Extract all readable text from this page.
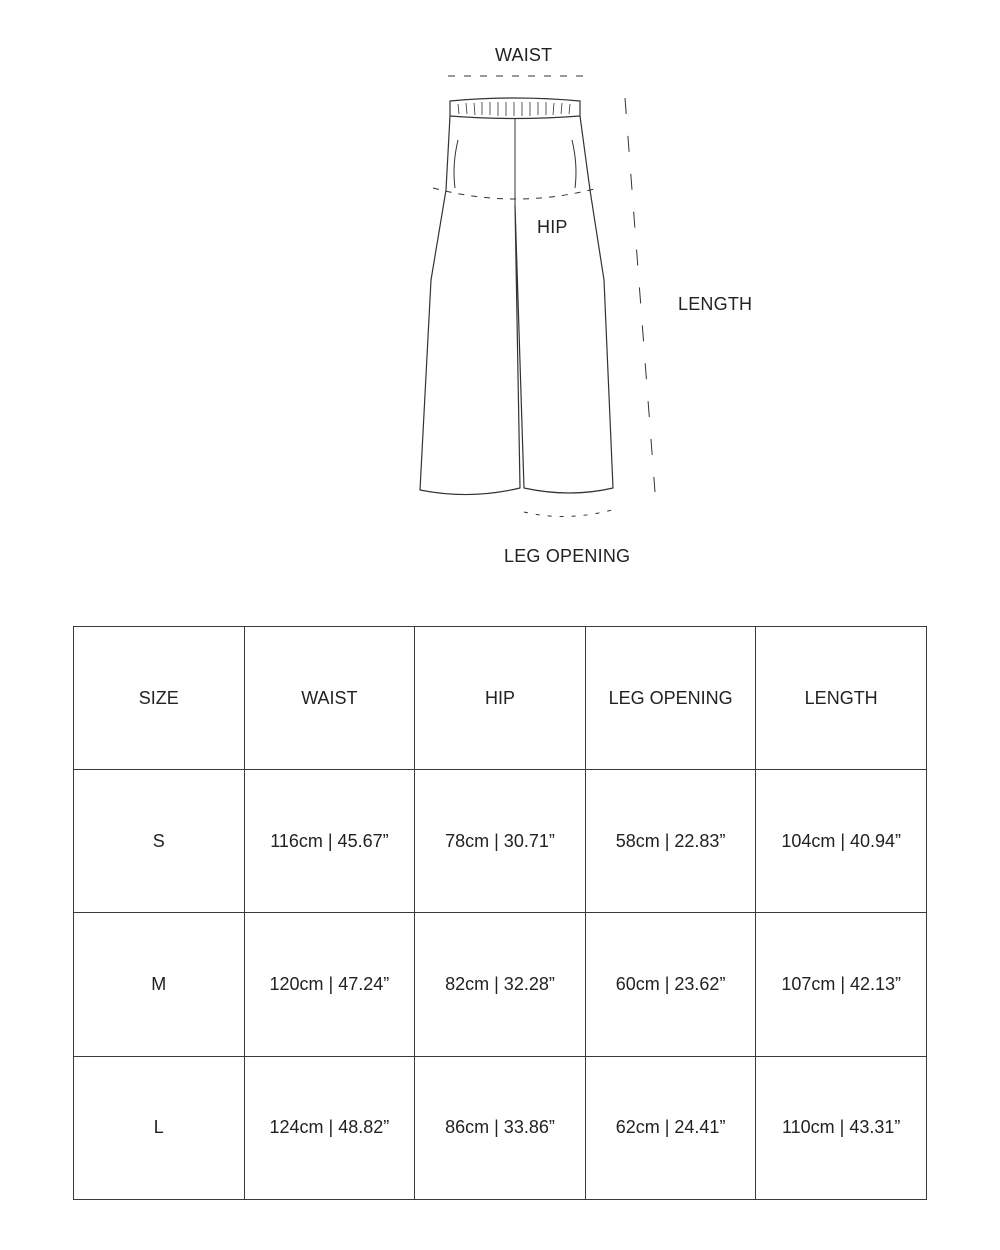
WAIST
HIP
LENGTH
LEG OPENING
SIZE	WAIST	HIP	LEG OPENING	LENGTH
S	116cm | 45.67”	78cm | 30.71”	58cm | 22.83”	104cm | 40.94”
M	120cm | 47.24”	82cm | 32.28”	60cm | 23.62”	107cm | 42.13”
L	124cm | 48.82”	86cm | 33.86”	62cm | 24.41”	110cm | 43.31”
